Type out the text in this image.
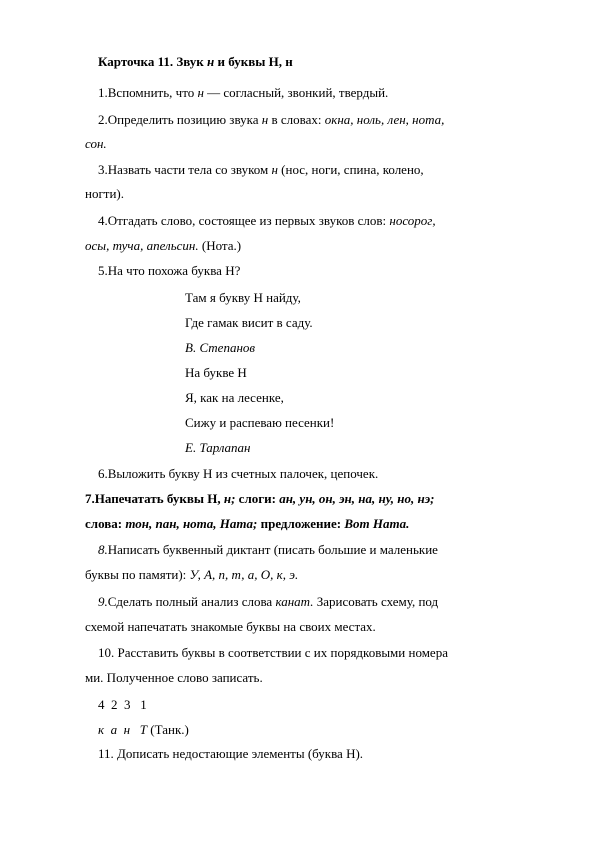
Карточка 11. Звук н и буквы Н, н
1.Вспомнить, что н — согласный, звонкий, твердый.
2.Определить позицию звука н в словах: окна, ноль, лен, нота,
сон.
3.Назвать части тела со звуком н (нос, ноги, спина, колено,
ногти).
4.Отгадать слово, состоящее из первых звуков слов: носорог,
осы, туча, апельсин. (Нота.)
5.На что похожа буква Н?
Там я букву Н найду,
Где гамак висит в саду.
В. Степанов
На букве Н
Я, как на лесенке,
Сижу и распеваю песенки!
Е. Тарлапан
6.Выложить букву Н из счетных палочек, цепочек.
7.Напечатать буквы Н, н; слоги: ан, ун, он, эн, на, ну, но, нэ;
слова: тон, пан, нота, Ната; предложение: Вот Ната.
8.Написать буквенный диктант (писать большие и маленькие
буквы по памяти): У, А, п, т, а, О, к, э.
9.Сделать полный анализ слова канат. Зарисовать схему, под
схемой напечатать знакомые буквы на своих местах.
10. Расставить буквы в соответствии с их порядковыми номера
ми. Полученное слово записать.
4  2  3   1
к  а  н   Т (Танк.)
11. Дописать недостающие элементы (буква Н).
